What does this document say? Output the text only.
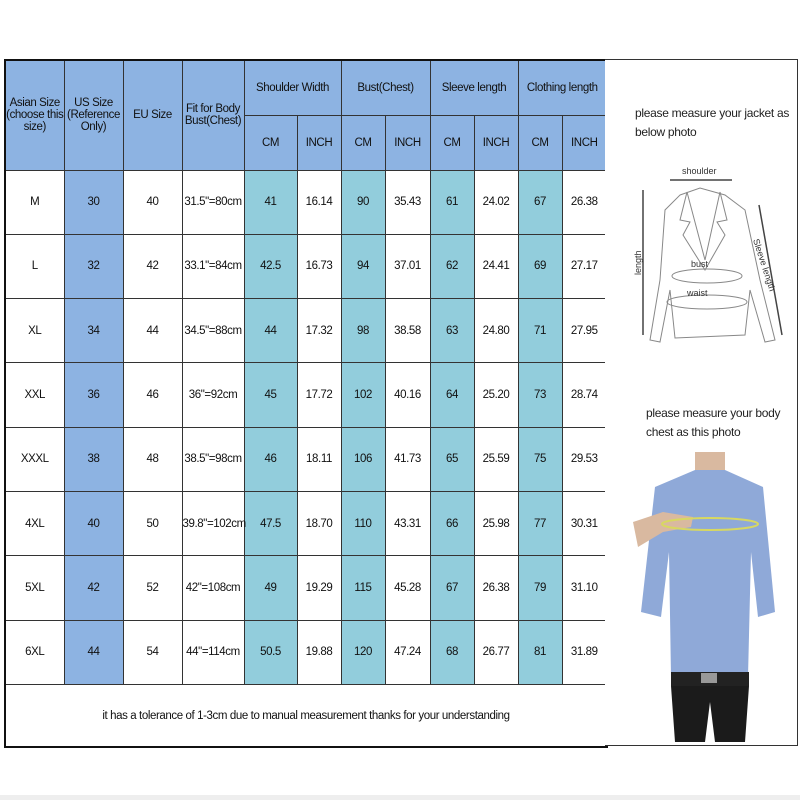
Asian Size (choose this size)	US Size (Reference Only)	EU Size	Fit for Body Bust(Chest)	Shoulder Width		Bust(Chest)		Sleeve length		Clothing length	
				CM	INCH	CM	INCH	CM	INCH	CM	INCH
M	30	40	31.5"=80cm	41	16.14	90	35.43	61	24.02	67	26.38
L	32	42	33.1"=84cm	42.5	16.73	94	37.01	62	24.41	69	27.17
XL	34	44	34.5"=88cm	44	17.32	98	38.58	63	24.80	71	27.95
XXL	36	46	36"=92cm	45	17.72	102	40.16	64	25.20	73	28.74
XXXL	38	48	38.5"=98cm	46	18.11	106	41.73	65	25.59	75	29.53
4XL	40	50	39.8"=102cm	47.5	18.70	110	43.31	66	25.98	77	30.31
5XL	42	52	42"=108cm	49	19.29	115	45.28	67	26.38	79	31.10
6XL	44	54	44"=114cm	50.5	19.88	120	47.24	68	26.77	81	31.89
it has a tolerance of 1-3cm due to manual measurement thanks for your understanding											
please measure your jacket as below photo
shoulder
length	bust
waist
Sleeve length
please measure your body chest as this photo
